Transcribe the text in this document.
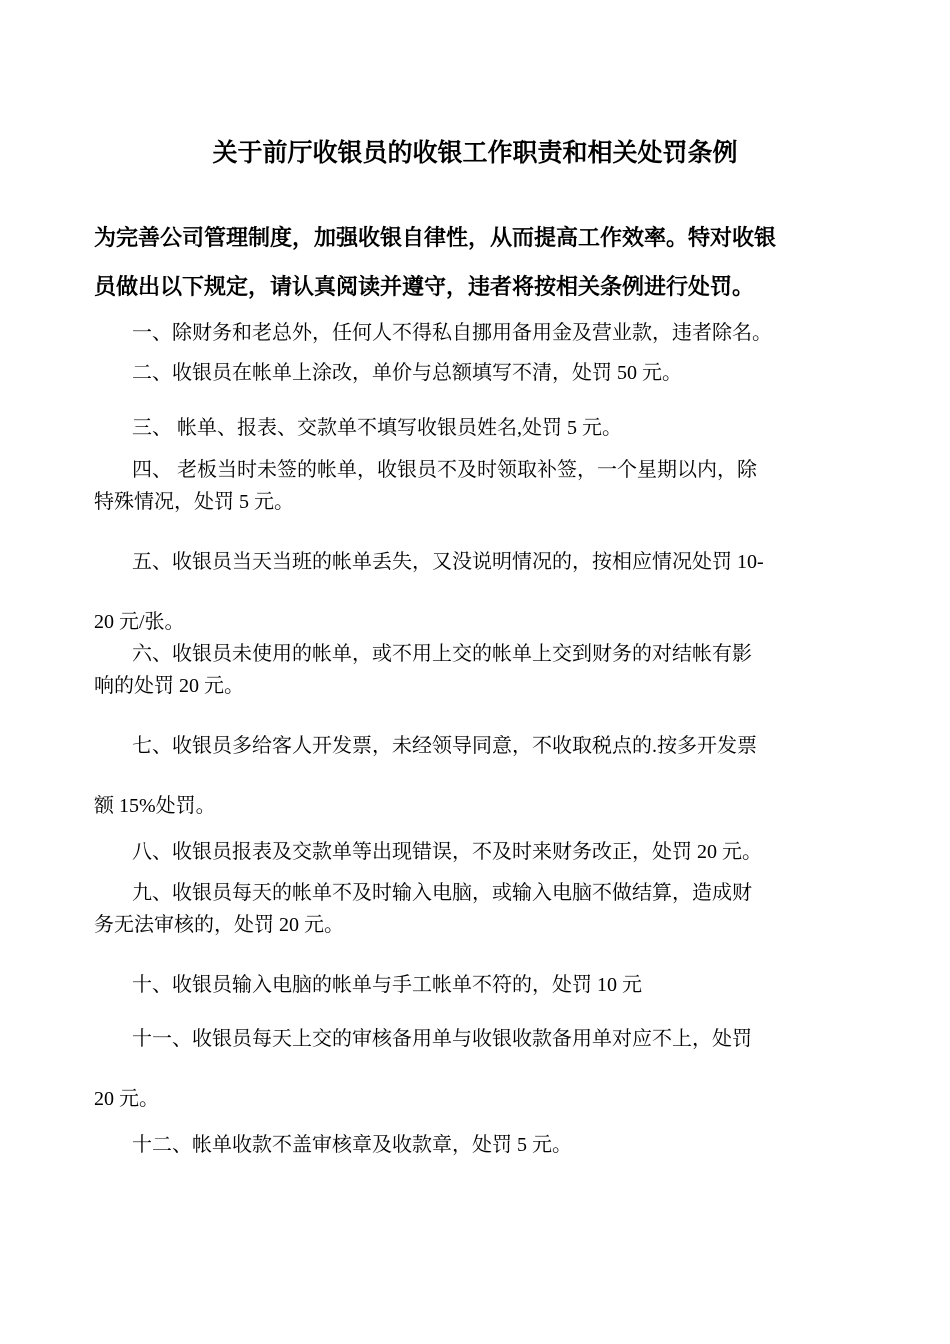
关于前厅收银员的收银工作职责和相关处罚条例
为完善公司管理制度，加强收银自律性，从而提高工作效率。特对收银
员做出以下规定，请认真阅读并遵守，违者将按相关条例进行处罚。
一、除财务和老总外，任何人不得私自挪用备用金及营业款，违者除名。
二、收银员在帐单上涂改，单价与总额填写不清，处罚 50 元。
三、 帐单、报表、交款单不填写收银员姓名,处罚 5 元。
四、 老板当时未签的帐单，收银员不及时领取补签，一个星期以内，除
特殊情况，处罚 5 元。
五、收银员当天当班的帐单丢失，又没说明情况的，按相应情况处罚 10-
20 元/张。
六、收银员未使用的帐单，或不用上交的帐单上交到财务的对结帐有影
响的处罚 20 元。
七、收银员多给客人开发票，未经领导同意，不收取税点的.按多开发票
额 15%处罚。
八、收银员报表及交款单等出现错误，不及时来财务改正，处罚 20 元。
九、收银员每天的帐单不及时输入电脑，或输入电脑不做结算，造成财
务无法审核的，处罚 20 元。
十、收银员输入电脑的帐单与手工帐单不符的，处罚 10 元
十一、收银员每天上交的审核备用单与收银收款备用单对应不上，处罚
20 元。
十二、帐单收款不盖审核章及收款章，处罚 5 元。
